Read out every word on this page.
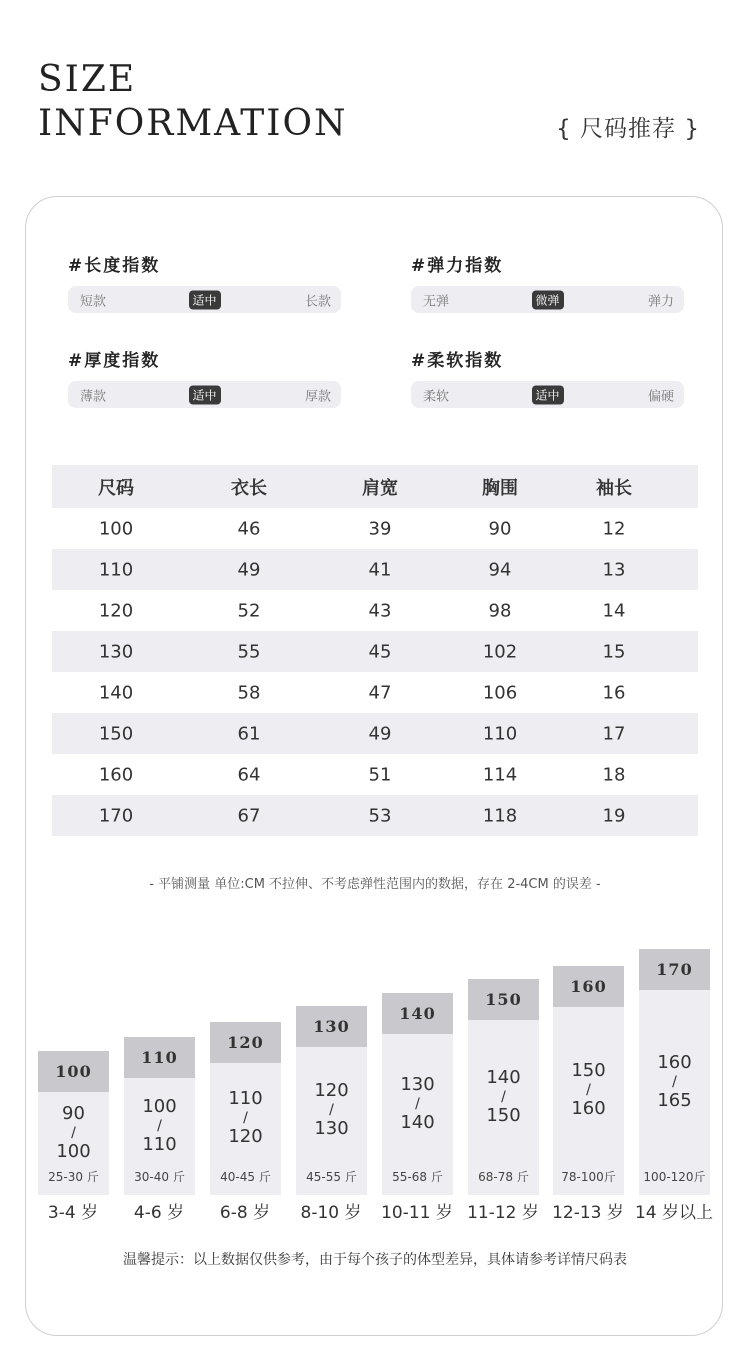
SIZE
INFORMATION	{ 尺码推荐 }
#长度指数
短款	适中	长款
#弹力指数
无弹	微弹	弹力
#厚度指数
薄款	适中	厚款
#柔软指数
柔软	适中	偏硬
尺码	衣长	肩宽	胸围	袖长
100	46	39	90	12
110	49	41	94	13
120	52	43	98	14
130	55	45	102	15
140	58	47	106	16
150	61	49	110	17
160	64	51	114	18
170	67	53	118	19
- 平铺测量 单位:CM 不拉伸、不考虑弹性范围内的数据，存在 2-4CM 的误差 -
100
90
/
100
25-30 斤
3-4 岁
110
100
/
110
30-40 斤
4-6 岁
120
110
/
120
40-45 斤
6-8 岁
130
120
/
130
45-55 斤
8-10 岁
140
130
/
140
55-68 斤
10-11 岁
150
140
/
150
68-78 斤
11-12 岁
160
150
/
160
78-100斤
12-13 岁
170
160
/
165
100-120斤
14 岁以上
温馨提示：以上数据仅供参考，由于每个孩子的体型差异，具体请参考详情尺码表
